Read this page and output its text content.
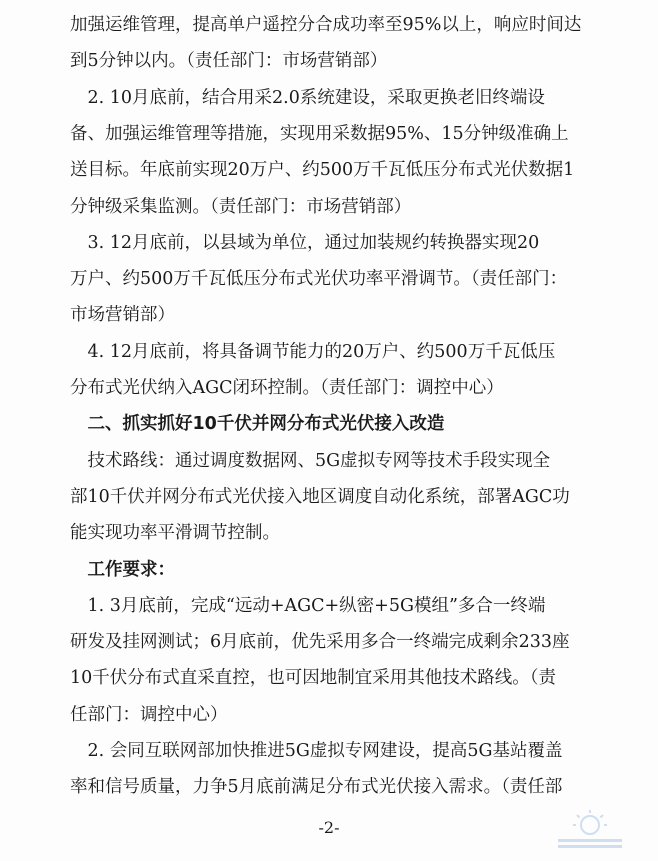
加强运维管理，提高单户遥控分合成功率至95%以上，响应时间达
到5分钟以内。（责任部门：市场营销部）
　2. 10月底前，结合用采2.0系统建设，采取更换老旧终端设
备、加强运维管理等措施，实现用采数据95%、15分钟级准确上
送目标。年底前实现20万户、约500万千瓦低压分布式光伏数据1
分钟级采集监测。（责任部门：市场营销部）
　3. 12月底前，以县域为单位，通过加装规约转换器实现20
万户、约500万千瓦低压分布式光伏功率平滑调节。（责任部门：
市场营销部）
　4. 12月底前，将具备调节能力的20万户、约500万千瓦低压
分布式光伏纳入AGC闭环控制。（责任部门：调控中心）
　二、抓实抓好10千伏并网分布式光伏接入改造
　技术路线：通过调度数据网、5G虚拟专网等技术手段实现全
部10千伏并网分布式光伏接入地区调度自动化系统，部署AGC功
能实现功率平滑调节控制。
　工作要求：
　1. 3月底前，完成“远动+AGC+纵密+5G模组”多合一终端
研发及挂网测试；6月底前，优先采用多合一终端完成剩余233座
10千伏分布式直采直控，也可因地制宜采用其他技术路线。（责
任部门：调控中心）
-2-
　2. 会同互联网部加快推进5G虚拟专网建设，提高5G基站覆盖
率和信号质量，力争5月底前满足分布式光伏接入需求。（责任部
